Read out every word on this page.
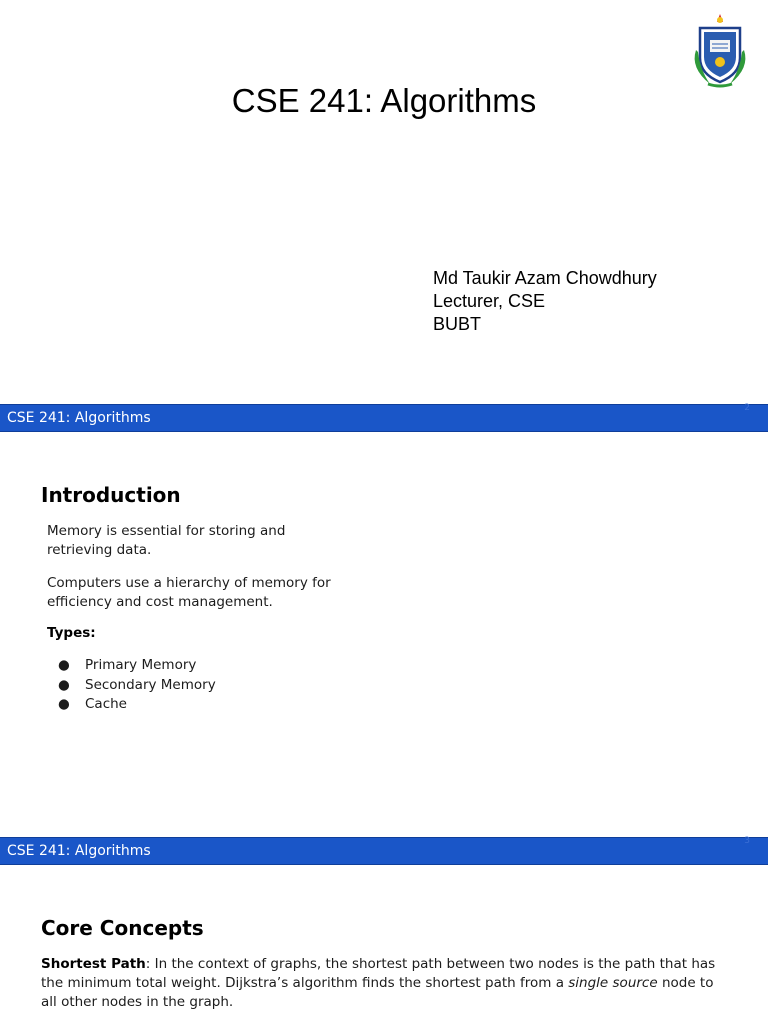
CSE 241: Algorithms
Md Taukir Azam Chowdhury
Lecturer, CSE
BUBT
CSE 241: Algorithms
2
Introduction

Memory is essential for storing and retrieving data.

Computers use a hierarchy of memory for efficiency and cost management.

Types:
● Primary Memory
● Secondary Memory
● Cache
CSE 241: Algorithms
3
Core Concepts

Shortest Path: In the context of graphs, the shortest path between two nodes is the path that has the minimum total weight. Dijkstra’s algorithm finds the shortest path from a single source node to all other nodes in the graph.
